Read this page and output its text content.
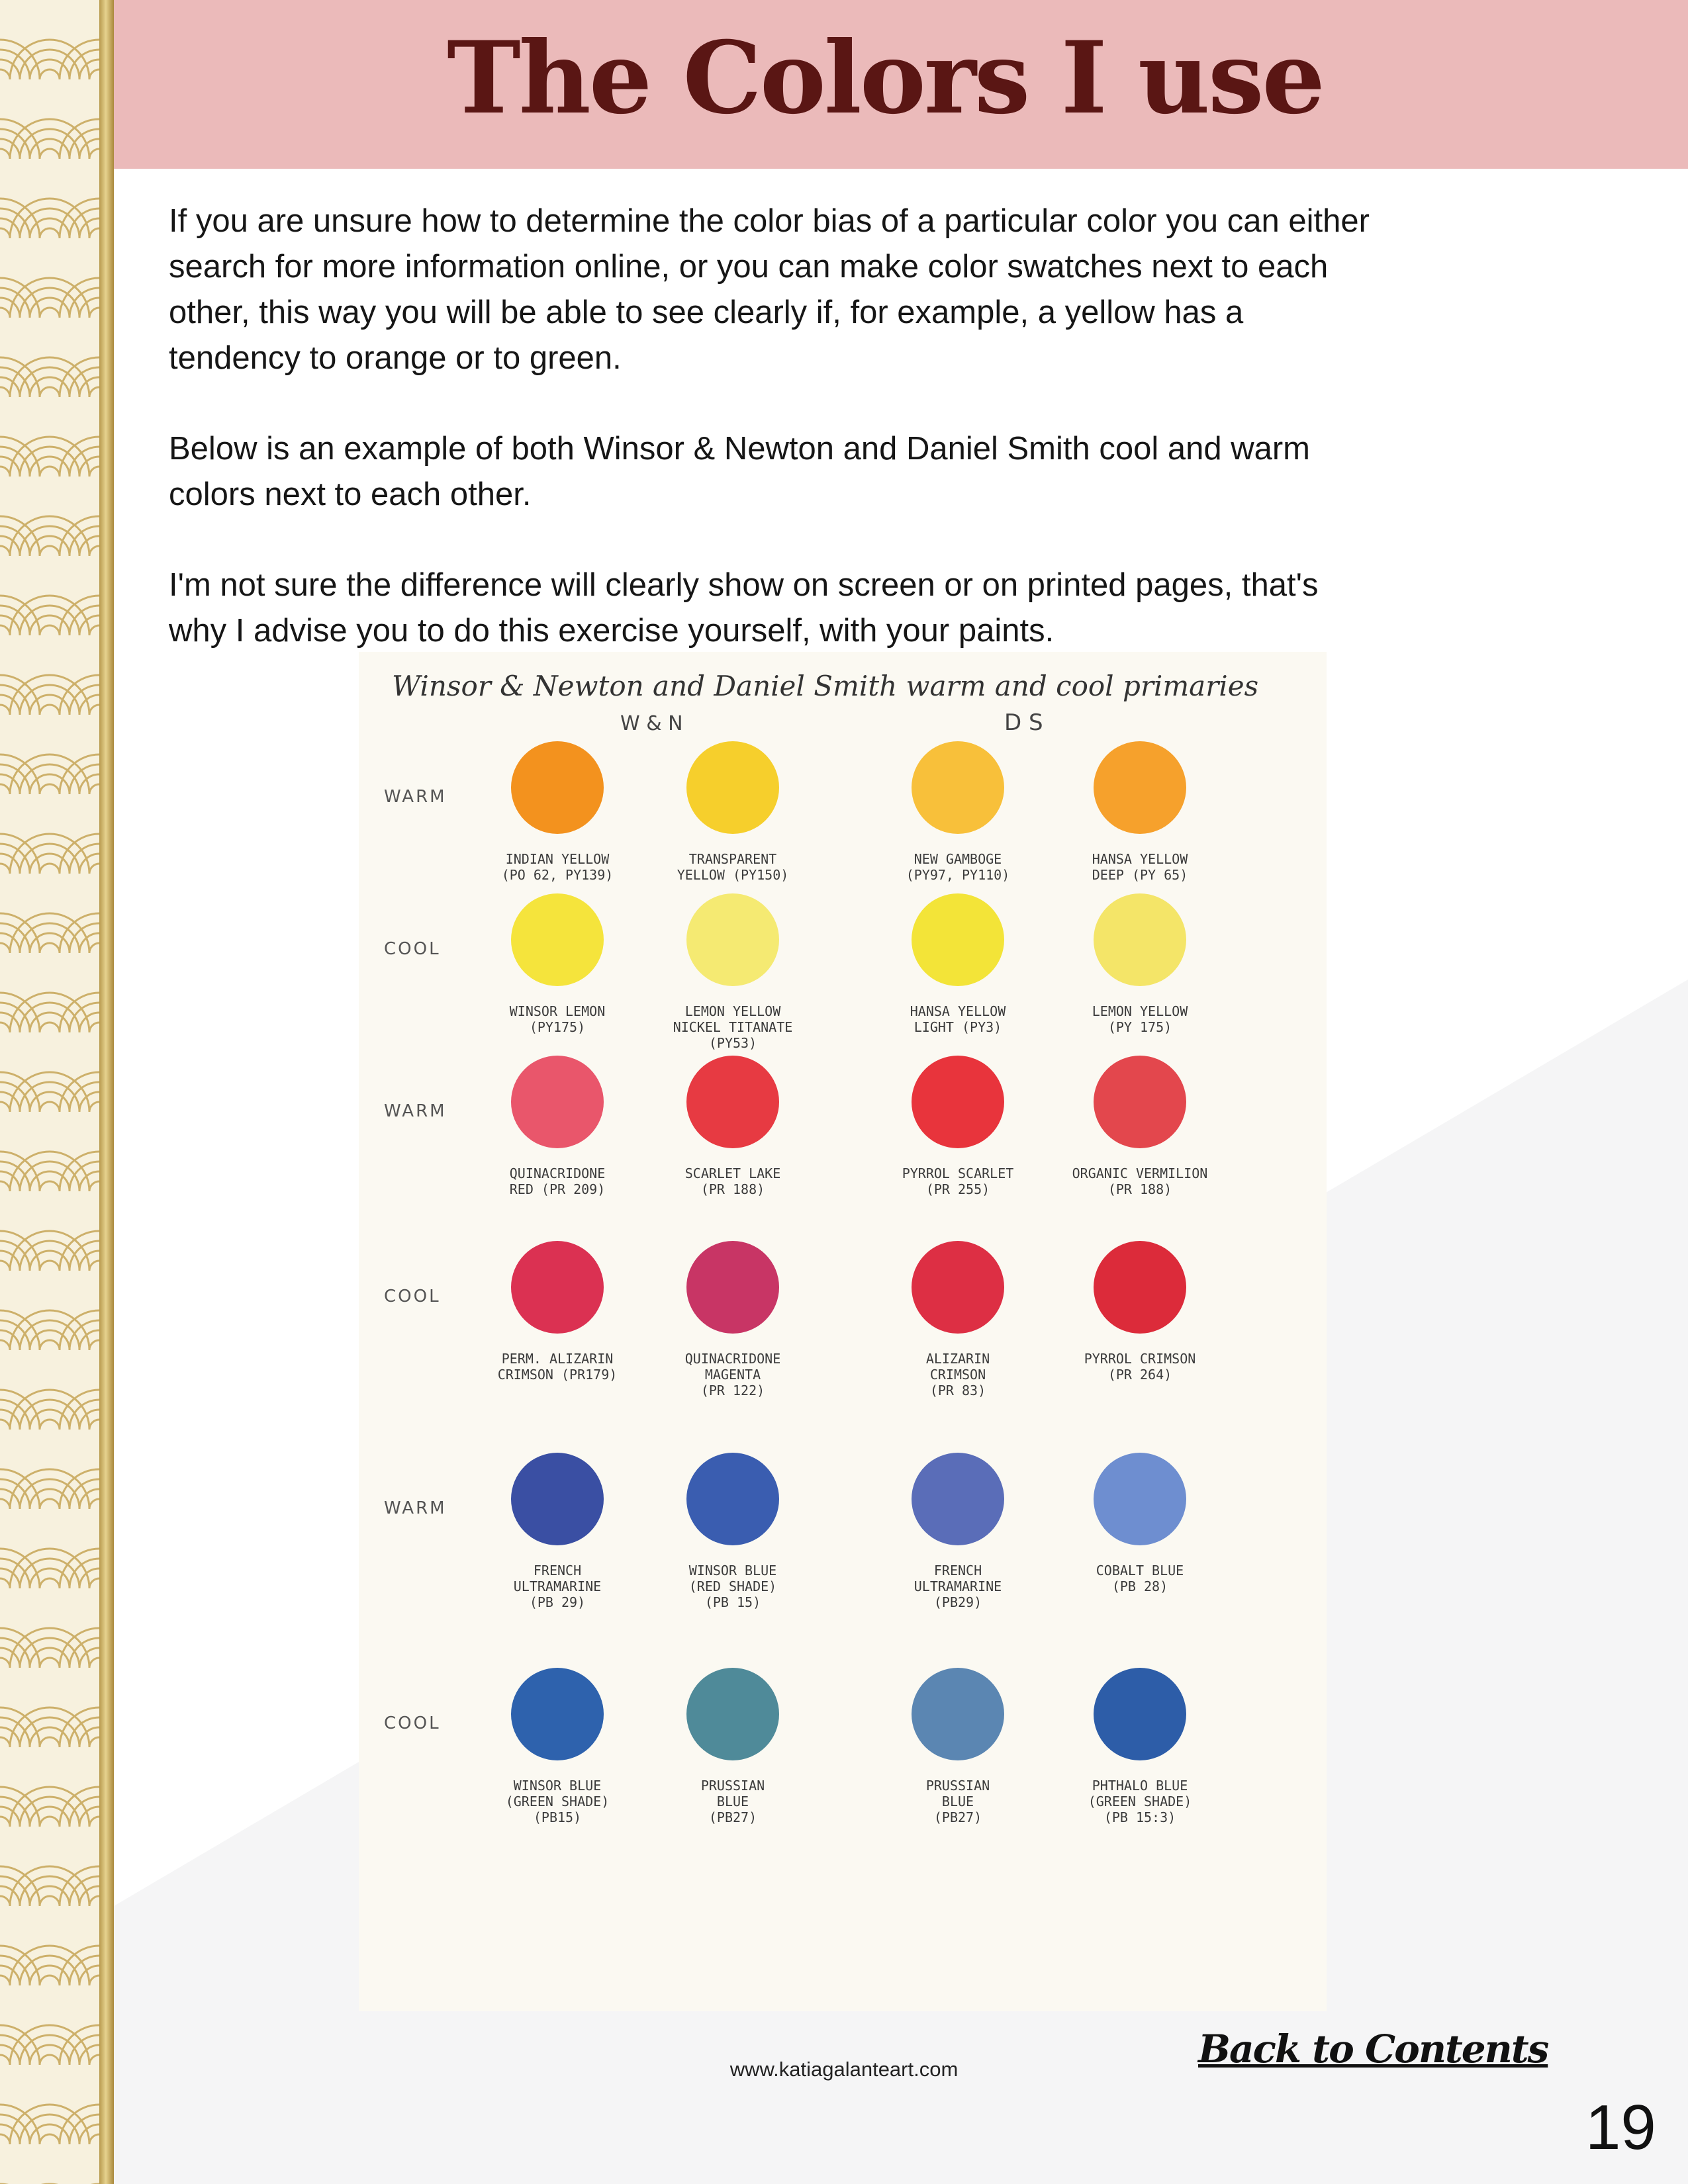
The Colors I use

If you are unsure how to determine the color bias of a particular color you can either
search for more information online, or you can make color swatches next to each
other, this way you will be able to see clearly if, for example, a yellow has a
tendency to orange or to green.

Below is an example of both Winsor & Newton and Daniel Smith cool and warm
colors next to each other.

I'm not sure the difference will clearly show on screen or on printed pages, that's
why I advise you to do this exercise yourself, with your paints.

Winsor & Newton and Daniel Smith warm and cool primaries
W & N	D S
WARM
INDIAN YELLOW
(PO 62, PY139)
TRANSPARENT
YELLOW (PY150)
NEW GAMBOGE
(PY97, PY110)
HANSA YELLOW
DEEP (PY 65)
COOL
WINSOR LEMON
(PY175)
LEMON YELLOW
NICKEL TITANATE
(PY53)
HANSA YELLOW
LIGHT (PY3)
LEMON YELLOW
(PY 175)
WARM
QUINACRIDONE
RED (PR 209)
SCARLET LAKE
(PR 188)
PYRROL SCARLET
(PR 255)
ORGANIC VERMILION
(PR 188)
COOL
PERM. ALIZARIN
CRIMSON (PR179)
QUINACRIDONE
MAGENTA
(PR 122)
ALIZARIN
CRIMSON
(PR 83)
PYRROL CRIMSON
(PR 264)
WARM
FRENCH
ULTRAMARINE
(PB 29)
WINSOR BLUE
(RED SHADE)
(PB 15)
FRENCH
ULTRAMARINE
(PB29)
COBALT BLUE
(PB 28)
COOL
WINSOR BLUE
(GREEN SHADE)
(PB15)
PRUSSIAN
BLUE
(PB27)
PRUSSIAN
BLUE
(PB27)
PHTHALO BLUE
(GREEN SHADE)
(PB 15:3)

www.katiagalanteart.com	Back to Contents

19
